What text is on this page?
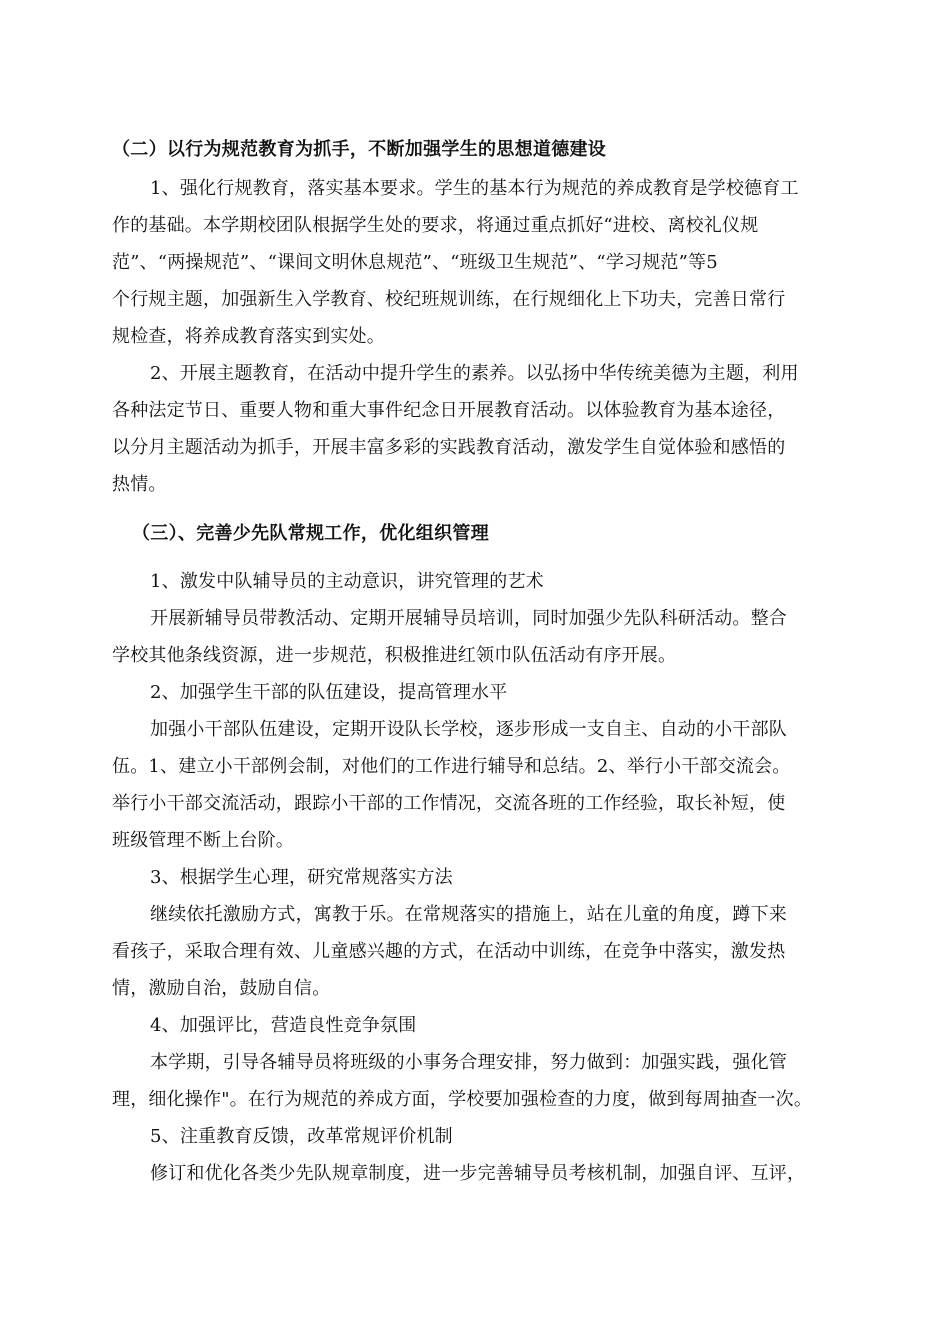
（二）以行为规范教育为抓手，不断加强学生的思想道德建设
1、强化行规教育，落实基本要求。学生的基本行为规范的养成教育是学校德育工
作的基础。本学期校团队根据学生处的要求，将通过重点抓好“进校、离校礼仪规
范”、“两操规范”、“课间文明休息规范”、“班级卫生规范”、“学习规范”等5
个行规主题，加强新生入学教育、校纪班规训练，在行规细化上下功夫，完善日常行
规检查，将养成教育落实到实处。
2、开展主题教育，在活动中提升学生的素养。以弘扬中华传统美德为主题，利用
各种法定节日、重要人物和重大事件纪念日开展教育活动。以体验教育为基本途径，
以分月主题活动为抓手，开展丰富多彩的实践教育活动，激发学生自觉体验和感悟的
热情。
（三）、完善少先队常规工作，优化组织管理
1、激发中队辅导员的主动意识，讲究管理的艺术
开展新辅导员带教活动、定期开展辅导员培训，同时加强少先队科研活动。整合
学校其他条线资源，进一步规范，积极推进红领巾队伍活动有序开展。
2、加强学生干部的队伍建设，提高管理水平
加强小干部队伍建设，定期开设队长学校，逐步形成一支自主、自动的小干部队
伍。1、建立小干部例会制，对他们的工作进行辅导和总结。2、举行小干部交流会。
举行小干部交流活动，跟踪小干部的工作情况，交流各班的工作经验，取长补短，使
班级管理不断上台阶。
3、根据学生心理，研究常规落实方法
继续依托激励方式，寓教于乐。在常规落实的措施上，站在儿童的角度，蹲下来
看孩子，采取合理有效、儿童感兴趣的方式，在活动中训练，在竞争中落实，激发热
情，激励自治，鼓励自信。
4、加强评比，营造良性竞争氛围
本学期，引导各辅导员将班级的小事务合理安排，努力做到：加强实践，强化管
理，细化操作"。在行为规范的养成方面，学校要加强检查的力度，做到每周抽查一次。
5、注重教育反馈，改革常规评价机制
修订和优化各类少先队规章制度，进一步完善辅导员考核机制，加强自评、互评，
